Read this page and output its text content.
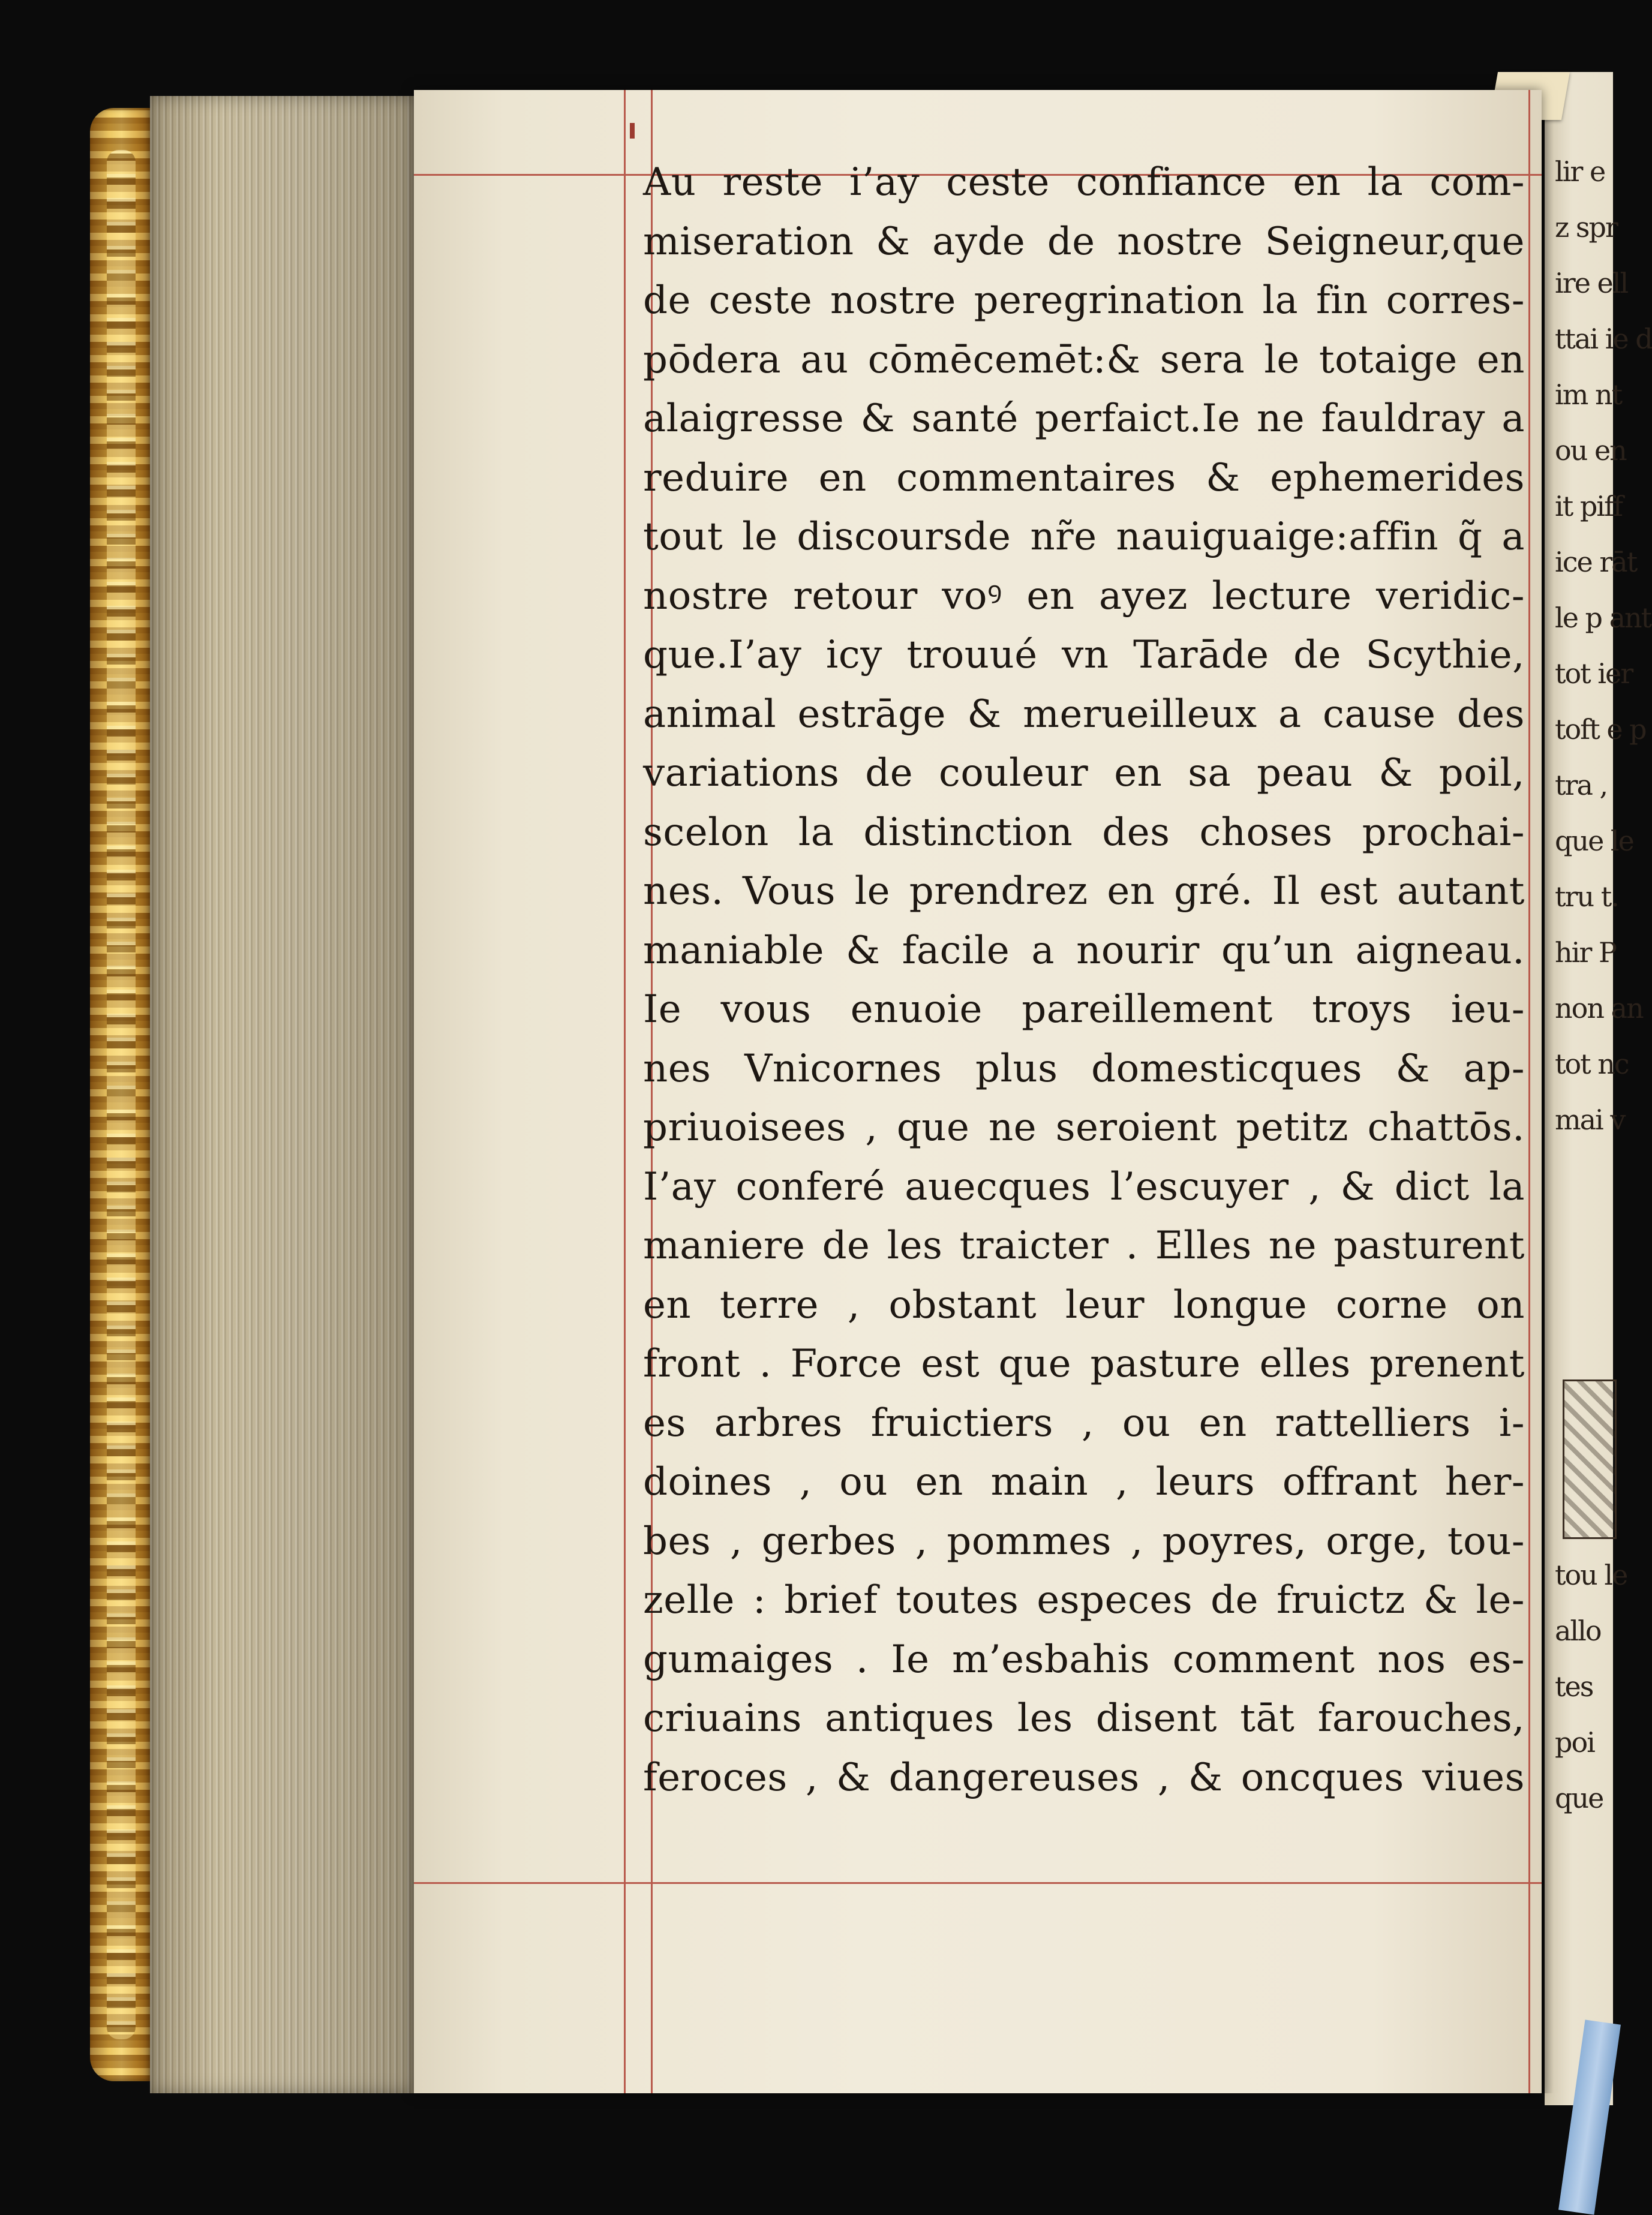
lir e
z spr
ire ell
ttai ie d
im nt
ou en
it piff
ice rāt
le p ant
tot ier
toft e p
tra ,
que le
tru t.
hir P
non an
tot nc
mai v
tou le
allo
tes
poi
que
Au reste i’ay ceste confiance en la com-
miseration & ayde de nostre Seigneur,que
de ceste nostre peregrination la fin corres-
pōdera au cōmēcemēt:& sera le totaige en
alaigresse & santé perfaict.Ie ne fauldray a
reduire en commentaires & ephemerides
tout le discoursde nr̃e nauiguaige:affin q̃ a
nostre retour voꝰ en ayez lecture veridic-
que.I’ay icy trouué vn Tarāde de Scythie,
animal estrāge & merueilleux a cause des
variations de couleur en sa peau & poil,
scelon la distinction des choses prochai-
nes. Vous le prendrez en gré. Il est autant
maniable & facile a nourir qu’un aigneau.
Ie vous enuoie pareillement troys ieu-
nes Vnicornes plus domesticques & ap-
priuoisees , que ne seroient petitz chattōs.
I’ay conferé auecques l’escuyer , & dict la
maniere de les traicter . Elles ne pasturent
en terre , obstant leur longue corne on
front . Force est que pasture elles prenent
es arbres fruictiers , ou en rattelliers i-
doines , ou en main , leurs offrant her-
bes , gerbes , pommes , poyres, orge, tou-
zelle : brief toutes especes de fruictz & le-
gumaiges . Ie m’esbahis comment nos es-
criuains antiques les disent tāt farouches,
feroces , & dangereuses , & oncques viues
